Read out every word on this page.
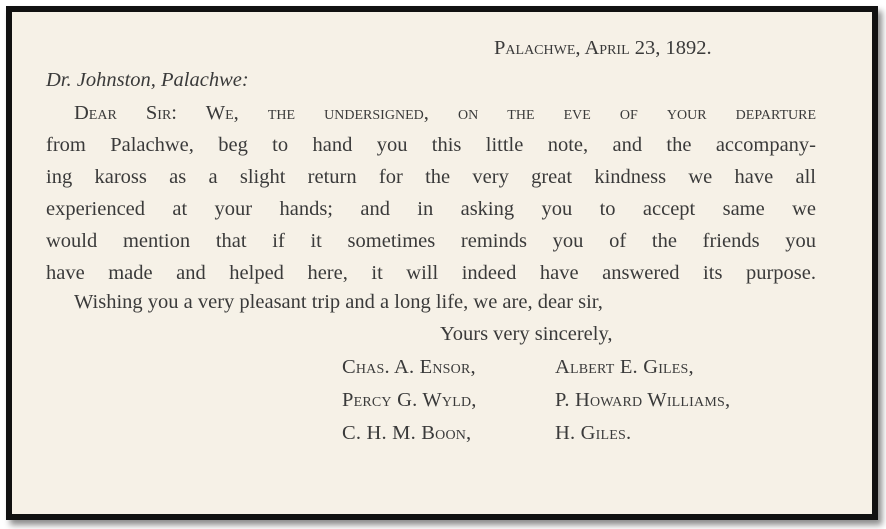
Palachwe, April 23, 1892.
Dr. Johnston, Palachwe:
Dear Sir: We, the undersigned, on the eve of your departure
from Palachwe, beg to hand you this little note, and the accompany-
ing kaross as a slight return for the very great kindness we have all
experienced at your hands; and in asking you to accept same we
would mention that if it sometimes reminds you of the friends you
have made and helped here, it will indeed have answered its purpose.
Wishing you a very pleasant trip and a long life, we are, dear sir,
Yours very sincerely,
Chas. A. Ensor,	Albert E. Giles,
Percy G. Wyld,	P. Howard Williams,
C. H. M. Boon,	H. Giles.
